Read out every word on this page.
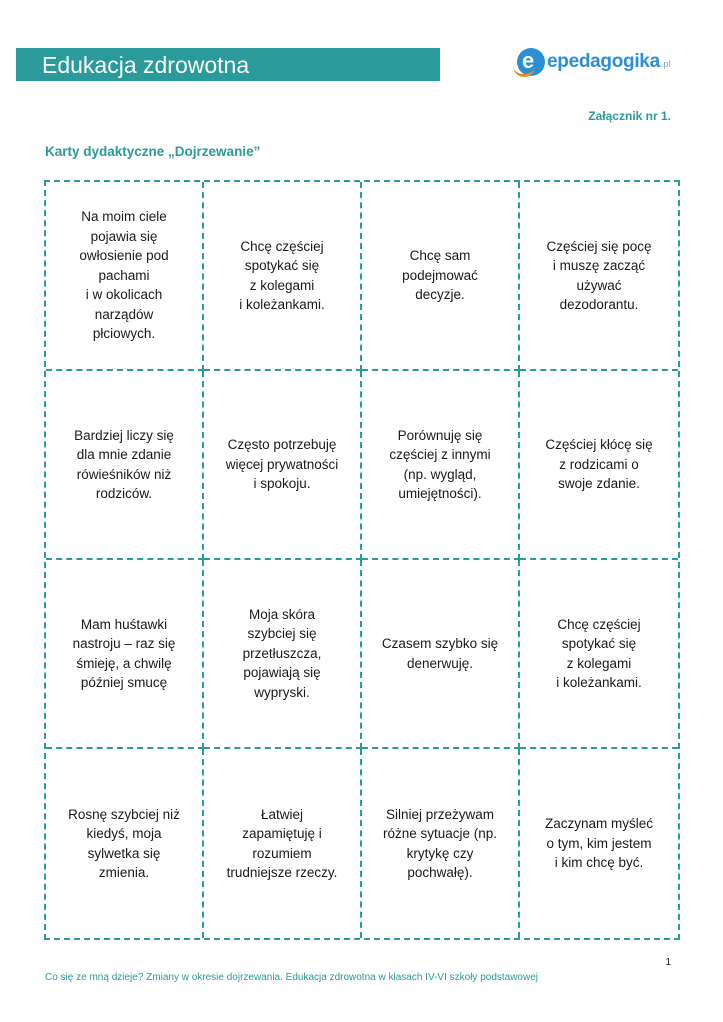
Edukacja zdrowotna	e epedagogika .pl
Załącznik nr 1.
Karty dydaktyczne „Dojrzewanie”
Na moim ciele
pojawia się
owłosienie pod
pachami
i w okolicach
narządów
płciowych.
Chcę częściej
spotykać się
z kolegami
i koleżankami.
Chcę sam
podejmować
decyzje.
Częściej się pocę
i muszę zacząć
używać
dezodorantu.
Bardziej liczy się
dla mnie zdanie
rówieśników niż
rodziców.
Często potrzebuję
więcej prywatności
i spokoju.
Porównuję się
częściej z innymi
(np. wygląd,
umiejętności).
Częściej kłócę się
z rodzicami o
swoje zdanie.
Mam huśtawki
nastroju – raz się
śmieję, a chwilę
później smucę
Moja skóra
szybciej się
przetłuszcza,
pojawiają się
wypryski.
Czasem szybko się
denerwuję.
Chcę częściej
spotykać się
z kolegami
i koleżankami.
Rosnę szybciej niż
kiedyś, moja
sylwetka się
zmienia.
Łatwiej
zapamiętuję i
rozumiem
trudniejsze rzeczy.
Silniej przeżywam
różne sytuacje (np.
krytykę czy
pochwałę).
Zaczynam myśleć
o tym, kim jestem
i kim chcę być.
1
Co się ze mną dzieje? Zmiany w okresie dojrzewania. Edukacja zdrowotna w klasach IV-VI szkoły podstawowej
